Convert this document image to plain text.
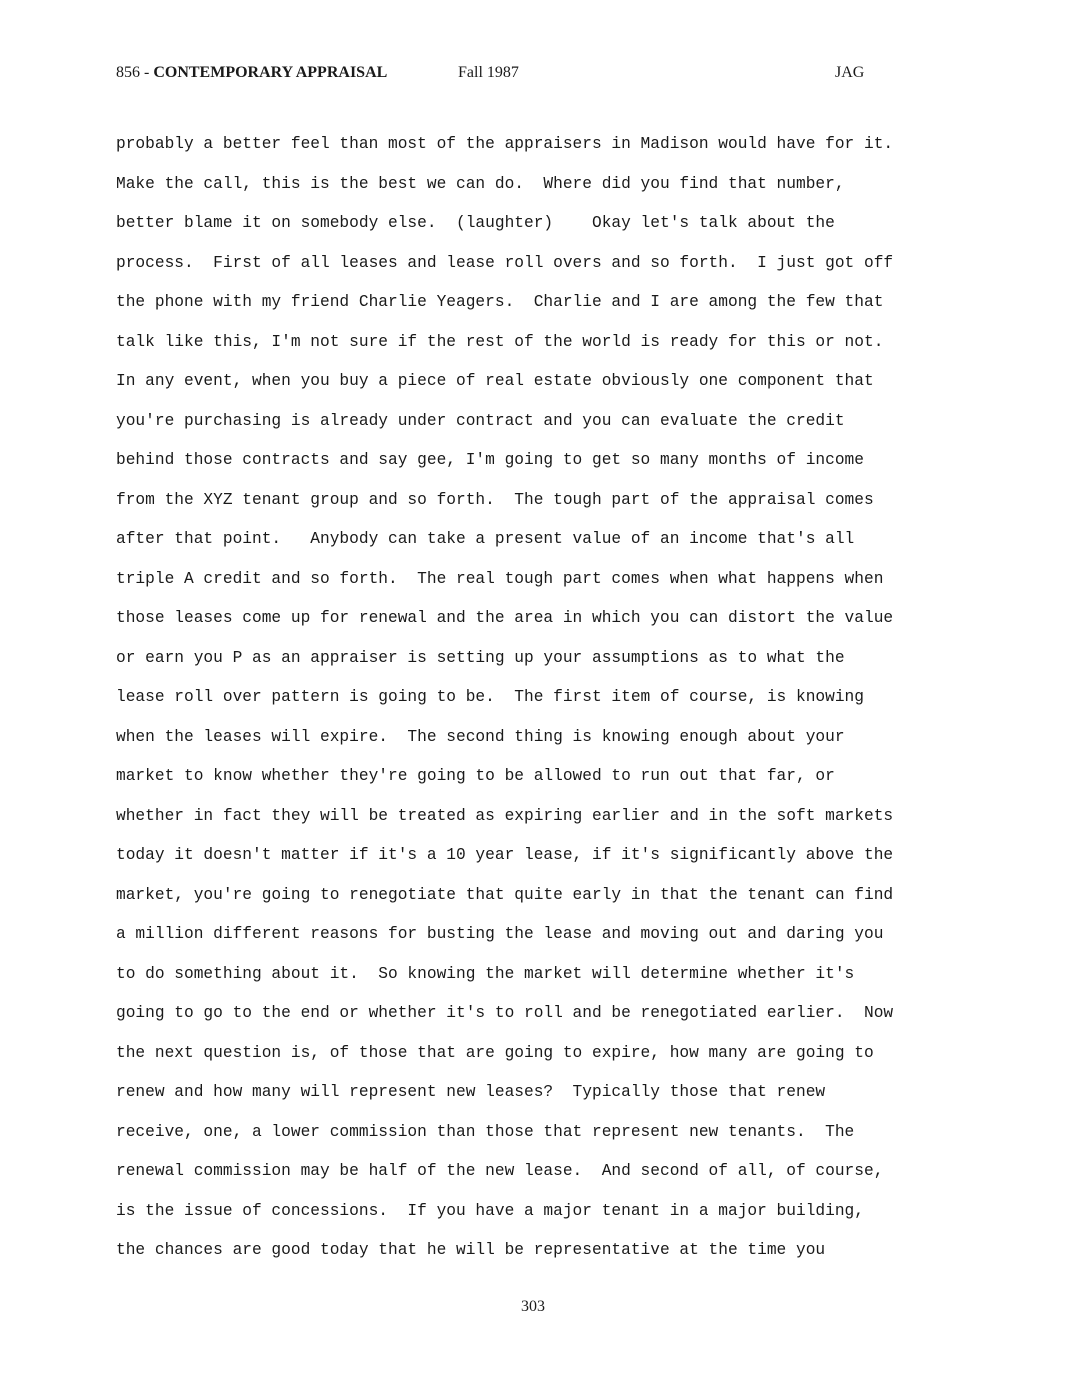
856 - CONTEMPORARY APPRAISAL	Fall 1987	JAG
probably a better feel than most of the appraisers in Madison would have for it.
Make the call, this is the best we can do.  Where did you find that number,
better blame it on somebody else.  (laughter)    Okay let's talk about the
process.  First of all leases and lease roll overs and so forth.  I just got off
the phone with my friend Charlie Yeagers.  Charlie and I are among the few that
talk like this, I'm not sure if the rest of the world is ready for this or not.
In any event, when you buy a piece of real estate obviously one component that
you're purchasing is already under contract and you can evaluate the credit
behind those contracts and say gee, I'm going to get so many months of income
from the XYZ tenant group and so forth.  The tough part of the appraisal comes
after that point.   Anybody can take a present value of an income that's all
triple A credit and so forth.  The real tough part comes when what happens when
those leases come up for renewal and the area in which you can distort the value
or earn you P as an appraiser is setting up your assumptions as to what the
lease roll over pattern is going to be.  The first item of course, is knowing
when the leases will expire.  The second thing is knowing enough about your
market to know whether they're going to be allowed to run out that far, or
whether in fact they will be treated as expiring earlier and in the soft markets
today it doesn't matter if it's a 10 year lease, if it's significantly above the
market, you're going to renegotiate that quite early in that the tenant can find
a million different reasons for busting the lease and moving out and daring you
to do something about it.  So knowing the market will determine whether it's
going to go to the end or whether it's to roll and be renegotiated earlier.  Now
the next question is, of those that are going to expire, how many are going to
renew and how many will represent new leases?  Typically those that renew
receive, one, a lower commission than those that represent new tenants.  The
renewal commission may be half of the new lease.  And second of all, of course,
is the issue of concessions.  If you have a major tenant in a major building,
the chances are good today that he will be representative at the time you
303
